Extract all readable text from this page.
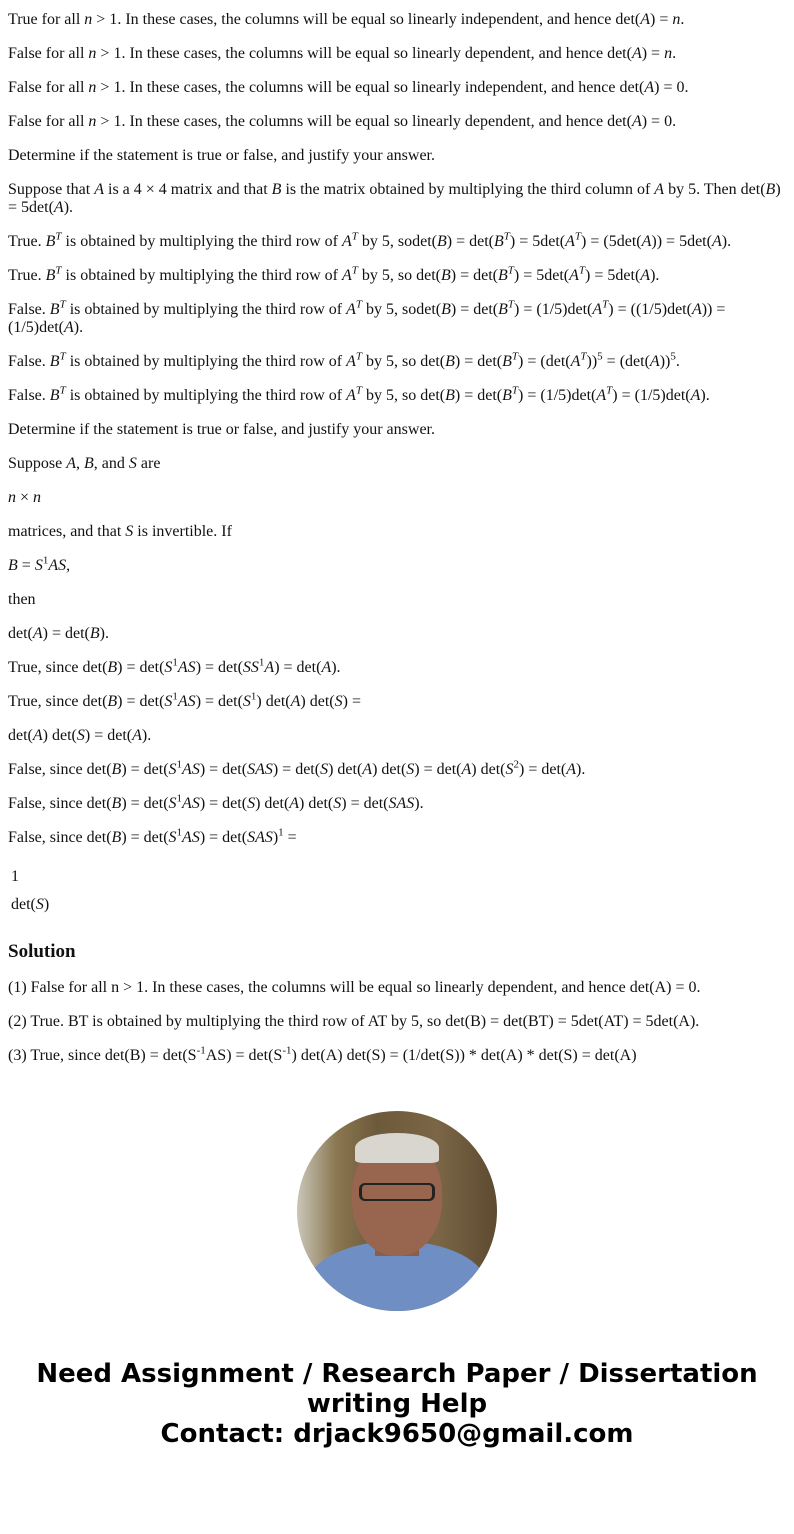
True for all n > 1. In these cases, the columns will be equal so linearly independent, and hence det(A) = n.

False for all n > 1. In these cases, the columns will be equal so linearly dependent, and hence det(A) = n.

False for all n > 1. In these cases, the columns will be equal so linearly independent, and hence det(A) = 0.

False for all n > 1. In these cases, the columns will be equal so linearly dependent, and hence det(A) = 0.

Determine if the statement is true or false, and justify your answer.

Suppose that A is a 4 × 4 matrix and that B is the matrix obtained by multiplying the third column of A by 5. Then det(B) = 5det(A).

True. $B^T$ is obtained by multiplying the third row of $A^T$ by 5, $sodet(B) = \det(B^T) = 5\det(A^T) = (5\det(A)) = 5\det(A)$.

True. $B^T$ is obtained by multiplying the third row of $A^T$ by 5, so $\det(B) = \det(B^T) = 5\det(A^T) = 5\det(A)$.

False. $B^T$ is obtained by multiplying the third row of $A^T$ by 5, $sodet(B) = \det(B^T) = (1/5)\det(A^T) = ((1/5)\det(A)) = (1/5)\det(A)$.

False. $B^T$ is obtained by multiplying the third row of $A^T$ by 5, so $\det(B) = \det(B^T) = (\det(A^T))^5 = (\det(A))^5$.

False. $B^T$ is obtained by multiplying the third row of $A^T$ by 5, so $\det(B) = \det(B^T) = (1/5)\det(A^T) = (1/5)\det(A)$.

Determine if the statement is true or false, and justify your answer.

Suppose A, B, and S are

n × n

matrices, and that S is invertible. If

$B = S^1AS$,

then

det(A) = det(B).

True, since $\det(B) = \det(S^1AS) = \det(SS^1A) = \det(A)$.

True, since $\det(B) = \det(S^1AS) = \det(S^1)$ det(A) det(S) =

det(A) det(S) = det(A).

False, since $\det(B) = \det(S^1AS) = \det(SAS) = \det(S)$ det(A) det(S) = det(A) $\det(S^2) = \det(A)$.

False, since $\det(B) = \det(S^1AS) = \det(S)$ det(A) det(S) = det(SAS).

False, since $\det(B) = \det(S^1AS) = \det(SAS)^1$ =

1
det(S)

Solution

(1) False for all n > 1. In these cases, the columns will be equal so linearly dependent, and hence det(A) = 0.

(2) True. BT is obtained by multiplying the third row of AT by 5, so det(B) = det(BT) = 5det(AT) = 5det(A).

(3) True, since $\det(B) = \det(S^{-1}AS) = \det(S^{-1})$ det(A) det(S) = (1/det(S)) * det(A) * det(S) = det(A)

Need Assignment / Research Paper / Dissertation writing Help
Contact: drjack9650@gmail.com
